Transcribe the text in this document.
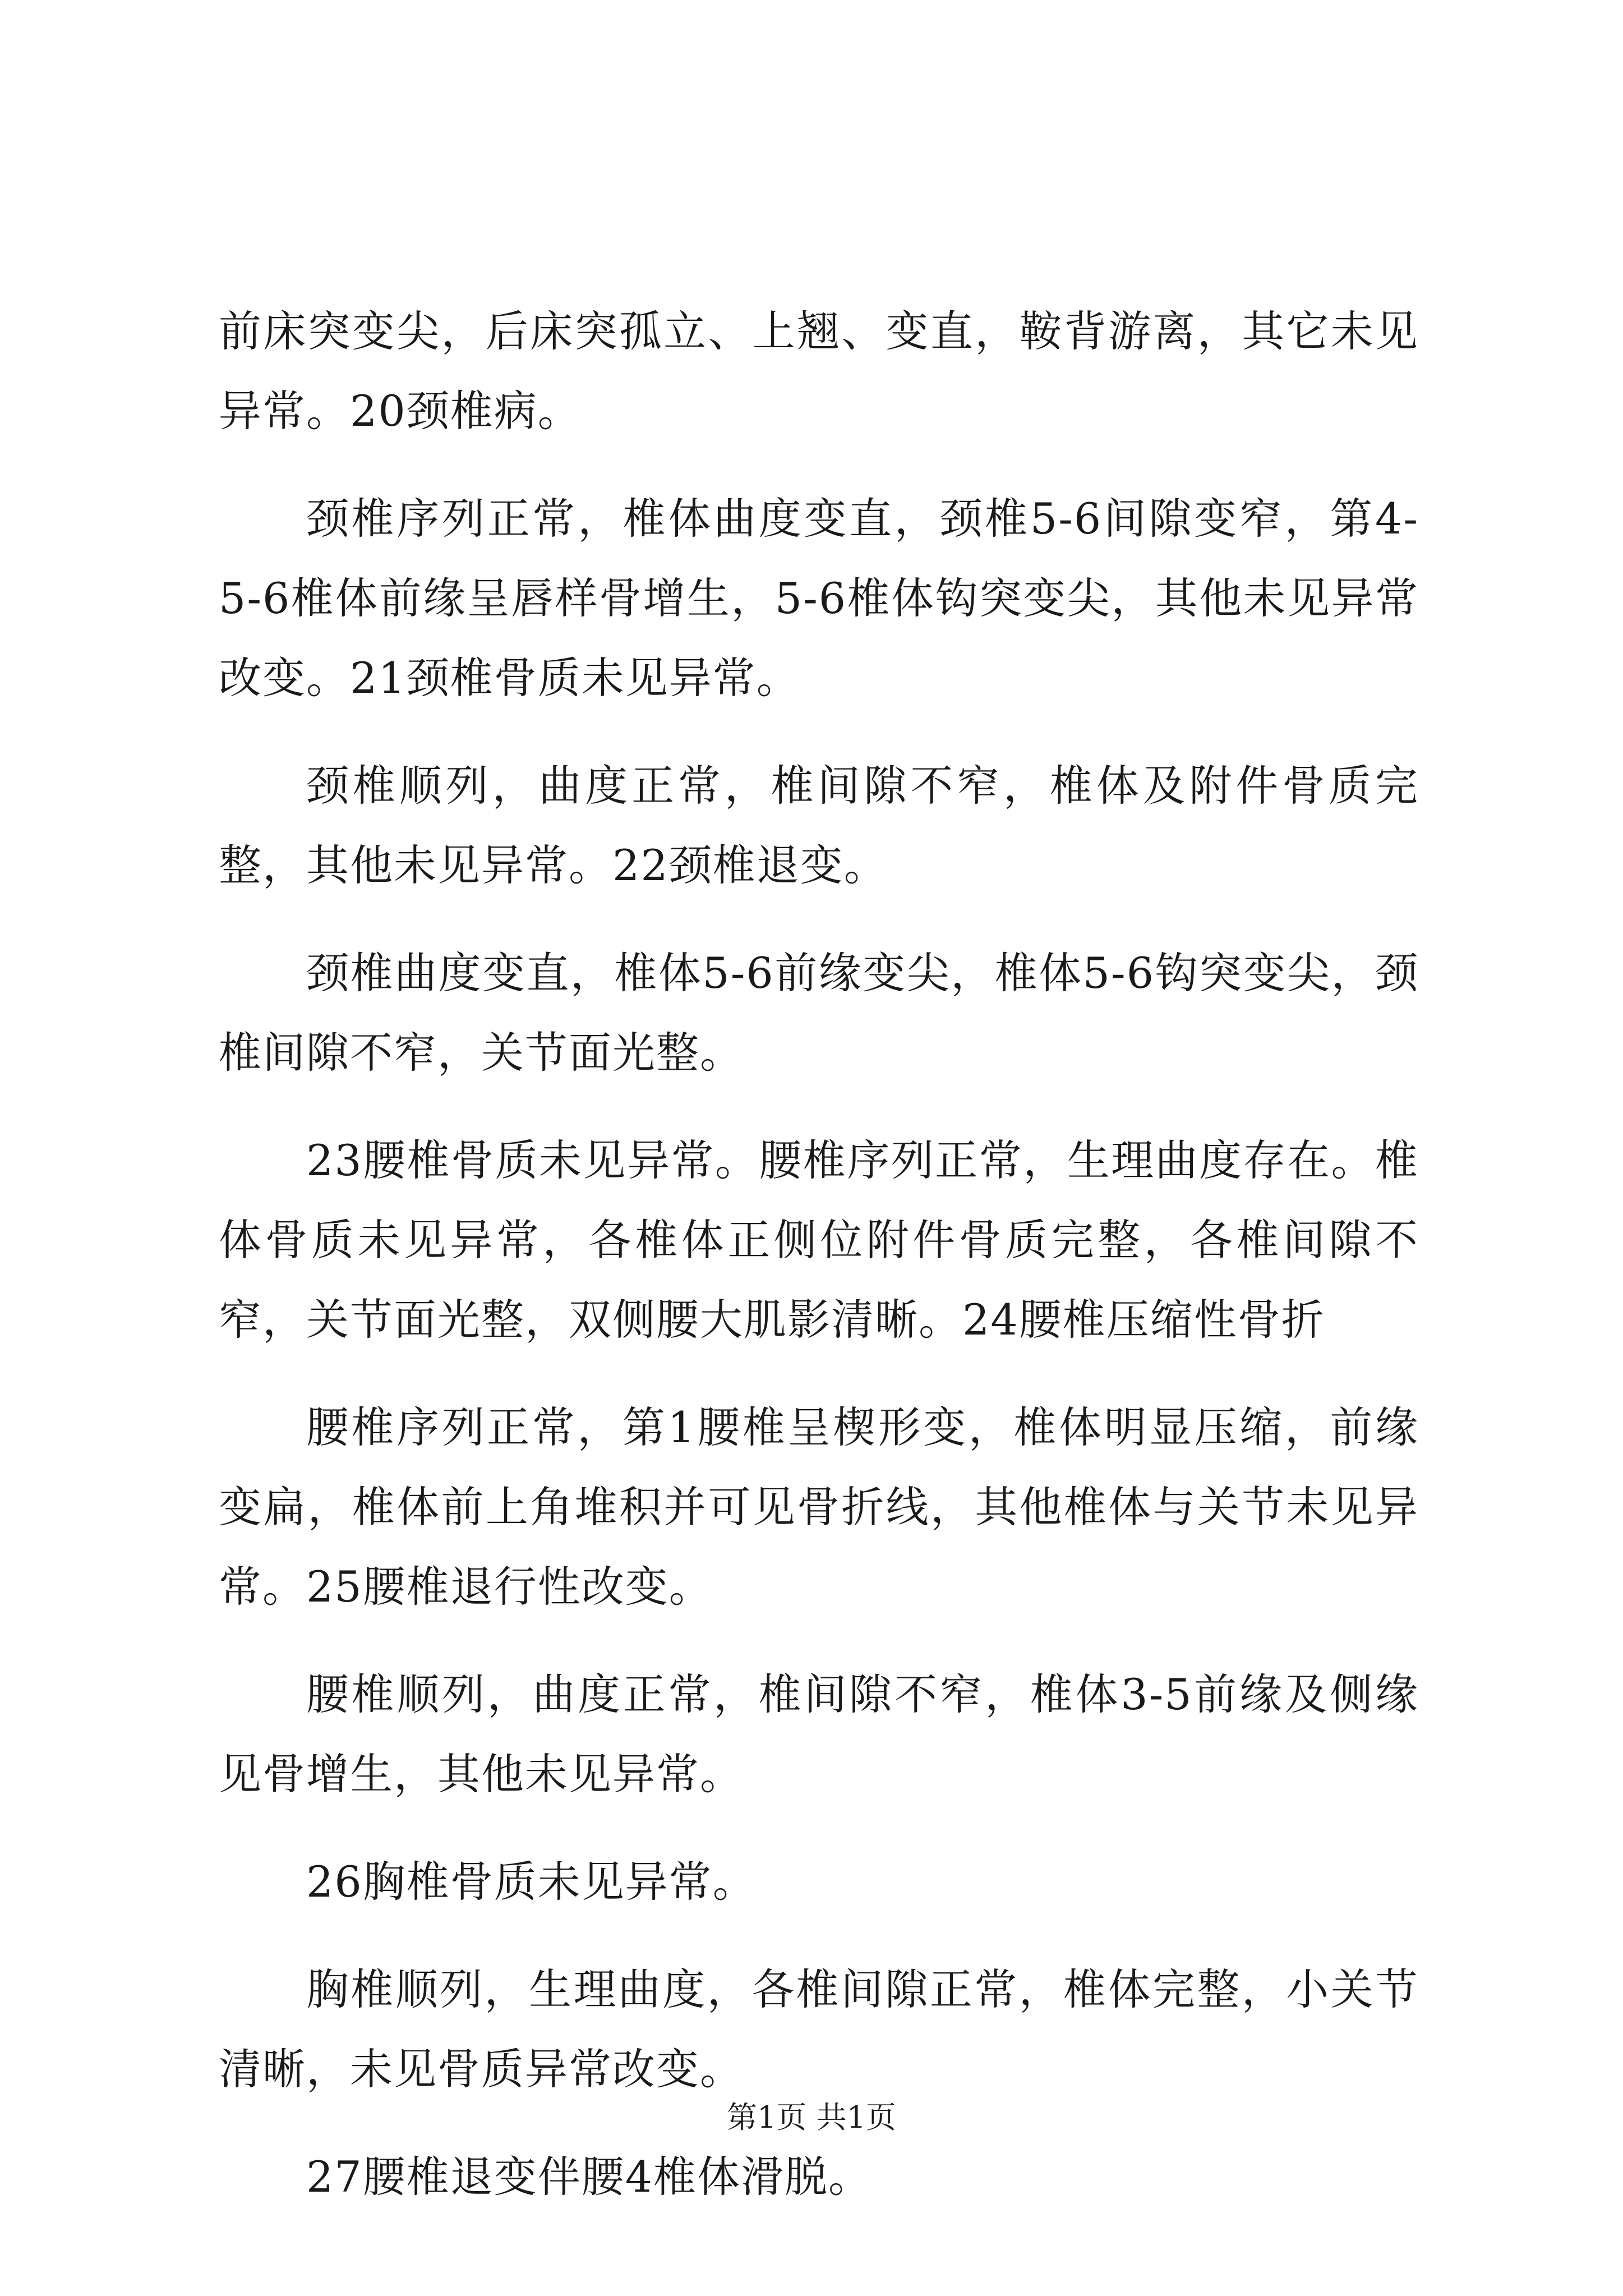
前床突变尖，后床突孤立、上翘、变直，鞍背游离，其它未见异常。20颈椎病。

颈椎序列正常，椎体曲度变直，颈椎5-6间隙变窄，第4-5-6椎体前缘呈唇样骨增生，5-6椎体钩突变尖，其他未见异常改变。21颈椎骨质未见异常。

颈椎顺列，曲度正常，椎间隙不窄，椎体及附件骨质完整，其他未见异常。22颈椎退变。

颈椎曲度变直，椎体5-6前缘变尖，椎体5-6钩突变尖，颈椎间隙不窄，关节面光整。

23腰椎骨质未见异常。腰椎序列正常，生理曲度存在。椎体骨质未见异常，各椎体正侧位附件骨质完整，各椎间隙不窄，关节面光整，双侧腰大肌影清晰。24腰椎压缩性骨折

腰椎序列正常，第1腰椎呈楔形变，椎体明显压缩，前缘变扁，椎体前上角堆积并可见骨折线，其他椎体与关节未见异常。25腰椎退行性改变。

腰椎顺列，曲度正常，椎间隙不窄，椎体3-5前缘及侧缘见骨增生，其他未见异常。

26胸椎骨质未见异常。

胸椎顺列，生理曲度，各椎间隙正常，椎体完整，小关节清晰，未见骨质异常改变。

27腰椎退变伴腰4椎体滑脱。

第1页 共1页
